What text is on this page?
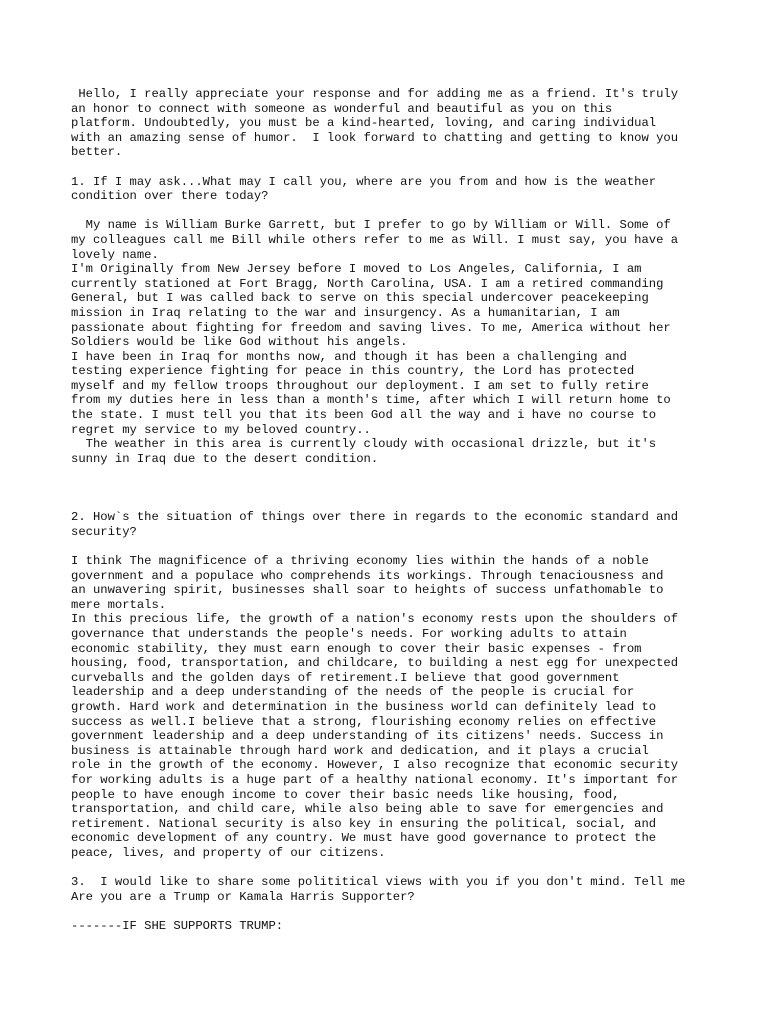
Hello, I really appreciate your response and for adding me as a friend. It's truly

an honor to connect with someone as wonderful and beautiful as you on this

platform. Undoubtedly, you must be a kind-hearted, loving, and caring individual

with an amazing sense of humor.  I look forward to chatting and getting to know you

better.

1. If I may ask...What may I call you, where are you from and how is the weather

condition over there today?

My name is William Burke Garrett, but I prefer to go by William or Will. Some of

my colleagues call me Bill while others refer to me as Will. I must say, you have a

lovely name.

I'm Originally from New Jersey before I moved to Los Angeles, California, I am

currently stationed at Fort Bragg, North Carolina, USA. I am a retired commanding

General, but I was called back to serve on this special undercover peacekeeping

mission in Iraq relating to the war and insurgency. As a humanitarian, I am

passionate about fighting for freedom and saving lives. To me, America without her

Soldiers would be like God without his angels.

I have been in Iraq for months now, and though it has been a challenging and

testing experience fighting for peace in this country, the Lord has protected

myself and my fellow troops throughout our deployment. I am set to fully retire

from my duties here in less than a month's time, after which I will return home to

the state. I must tell you that its been God all the way and i have no course to

regret my service to my beloved country..

The weather in this area is currently cloudy with occasional drizzle, but it's

sunny in Iraq due to the desert condition.

2. How`s the situation of things over there in regards to the economic standard and

security?

I think The magnificence of a thriving economy lies within the hands of a noble

government and a populace who comprehends its workings. Through tenaciousness and

an unwavering spirit, businesses shall soar to heights of success unfathomable to

mere mortals.

In this precious life, the growth of a nation's economy rests upon the shoulders of

governance that understands the people's needs. For working adults to attain

economic stability, they must earn enough to cover their basic expenses - from

housing, food, transportation, and childcare, to building a nest egg for unexpected

curveballs and the golden days of retirement.I believe that good government

leadership and a deep understanding of the needs of the people is crucial for

growth. Hard work and determination in the business world can definitely lead to

success as well.I believe that a strong, flourishing economy relies on effective

government leadership and a deep understanding of its citizens' needs. Success in

business is attainable through hard work and dedication, and it plays a crucial

role in the growth of the economy. However, I also recognize that economic security

for working adults is a huge part of a healthy national economy. It's important for

people to have enough income to cover their basic needs like housing, food,

transportation, and child care, while also being able to save for emergencies and

retirement. National security is also key in ensuring the political, social, and

economic development of any country. We must have good governance to protect the

peace, lives, and property of our citizens.

3.  I would like to share some polititical views with you if you don't mind. Tell me

Are you are a Trump or Kamala Harris Supporter?

-------IF SHE SUPPORTS TRUMP:
